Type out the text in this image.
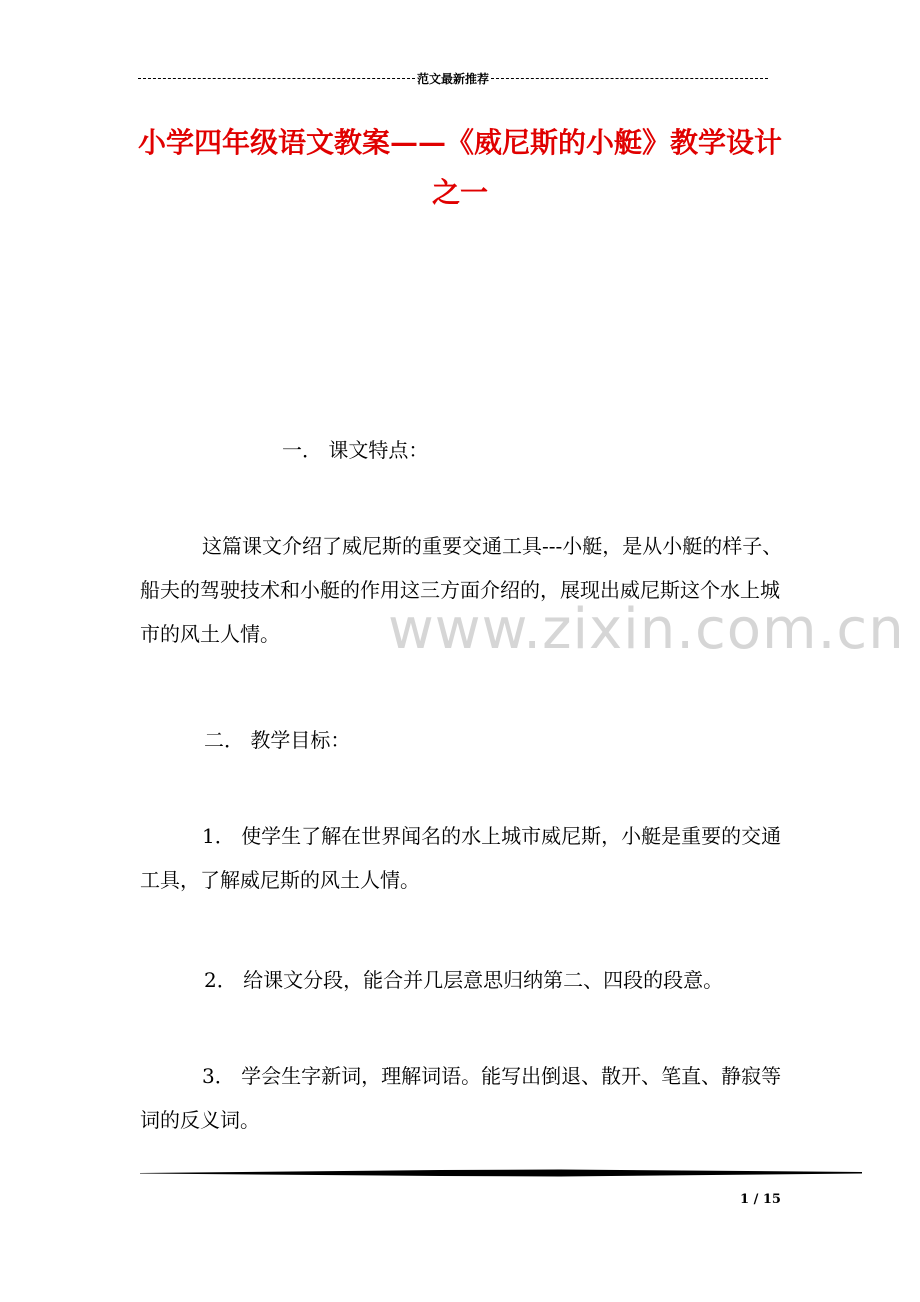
范文最新推荐
小学四年级语文教案——《威尼斯的小艇》教学设计
之一
www.zixin.com.cn

一． 课文特点：

这篇课文介绍了威尼斯的重要交通工具---小艇，是从小艇的样子、船夫的驾驶技术和小艇的作用这三方面介绍的，展现出威尼斯这个水上城市的风土人情。

二． 教学目标：

1． 使学生了解在世界闻名的水上城市威尼斯，小艇是重要的交通工具，了解威尼斯的风土人情。

2． 给课文分段，能合并几层意思归纳第二、四段的段意。

3． 学会生字新词，理解词语。能写出倒退、散开、笔直、静寂等词的反义词。

1 / 15
